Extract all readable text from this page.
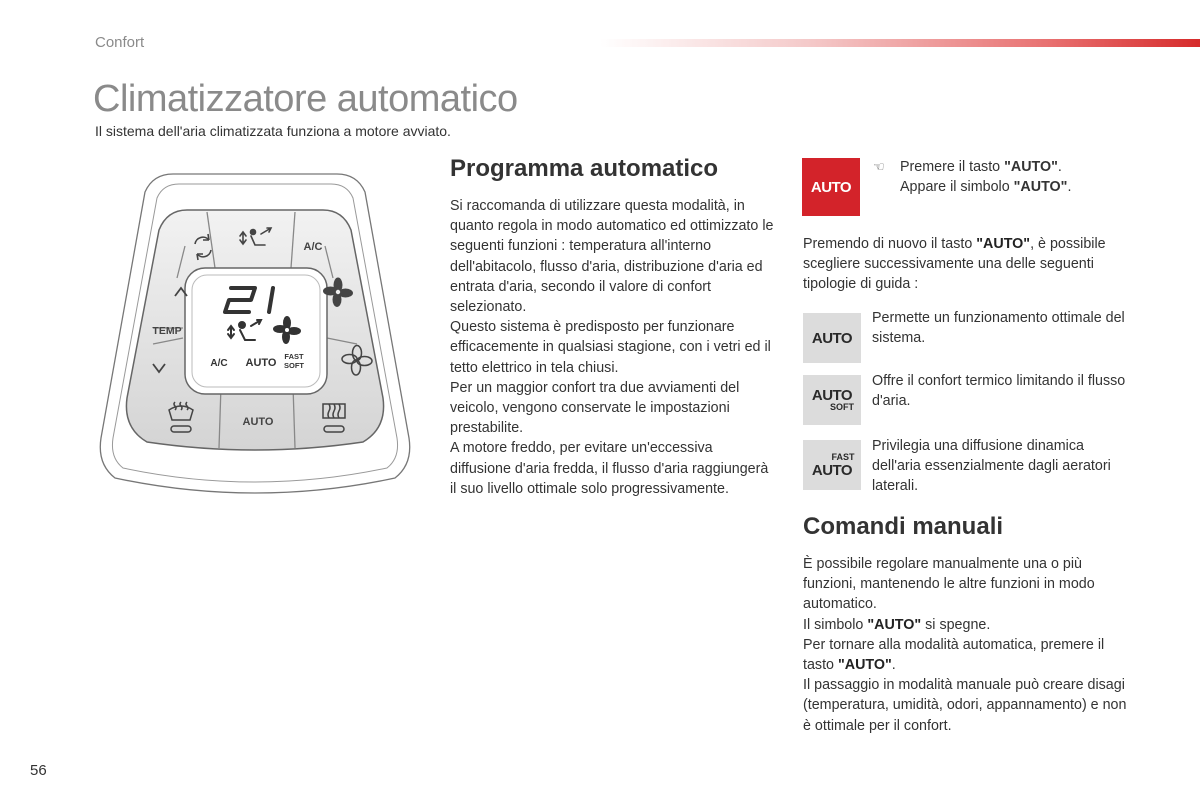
Confort
Climatizzatore automatico
Il sistema dell'aria climatizzata funziona a motore avviato.
A/C AUTO
FAST
SOFT
A/C
TEMP
AUTO
Programma automatico

Si raccomanda di utilizzare questa modalità, in quanto regola in modo automatico ed ottimizzato le seguenti funzioni : temperatura all'interno dell'abitacolo, flusso d'aria, distribuzione d'aria ed entrata d'aria, secondo il valore di confort selezionato.

Questo sistema è predisposto per funzionare efficacemente in qualsiasi stagione, con i vetri ed il tetto elettrico in tela chiusi.

Per un maggior confort tra due avviamenti del veicolo, vengono conservate le impostazioni prestabilite.

A motore freddo, per evitare un'eccessiva diffusione d'aria fredda, il flusso d'aria raggiungerà il suo livello ottimale solo progressivamente.

AUTO
☜	Premere il tasto "AUTO".
Appare il simbolo "AUTO".
Premendo di nuovo il tasto "AUTO", è possibile scegliere successivamente una delle seguenti tipologie di guida :
AUTO
Permette un funzionamento ottimale del sistema.
AUTO
SOFT
Offre il confort termico limitando il flusso d'aria.
FAST
AUTO
Privilegia una diffusione dinamica dell'aria essenzialmente dagli aeratori laterali.
Comandi manuali

È possibile regolare manualmente una o più funzioni, mantenendo le altre funzioni in modo automatico.

Il simbolo "AUTO" si spegne.

Per tornare alla modalità automatica, premere il tasto "AUTO".

Il passaggio in modalità manuale può creare disagi (temperatura, umidità, odori, appannamento) e non è ottimale per il confort.

56
